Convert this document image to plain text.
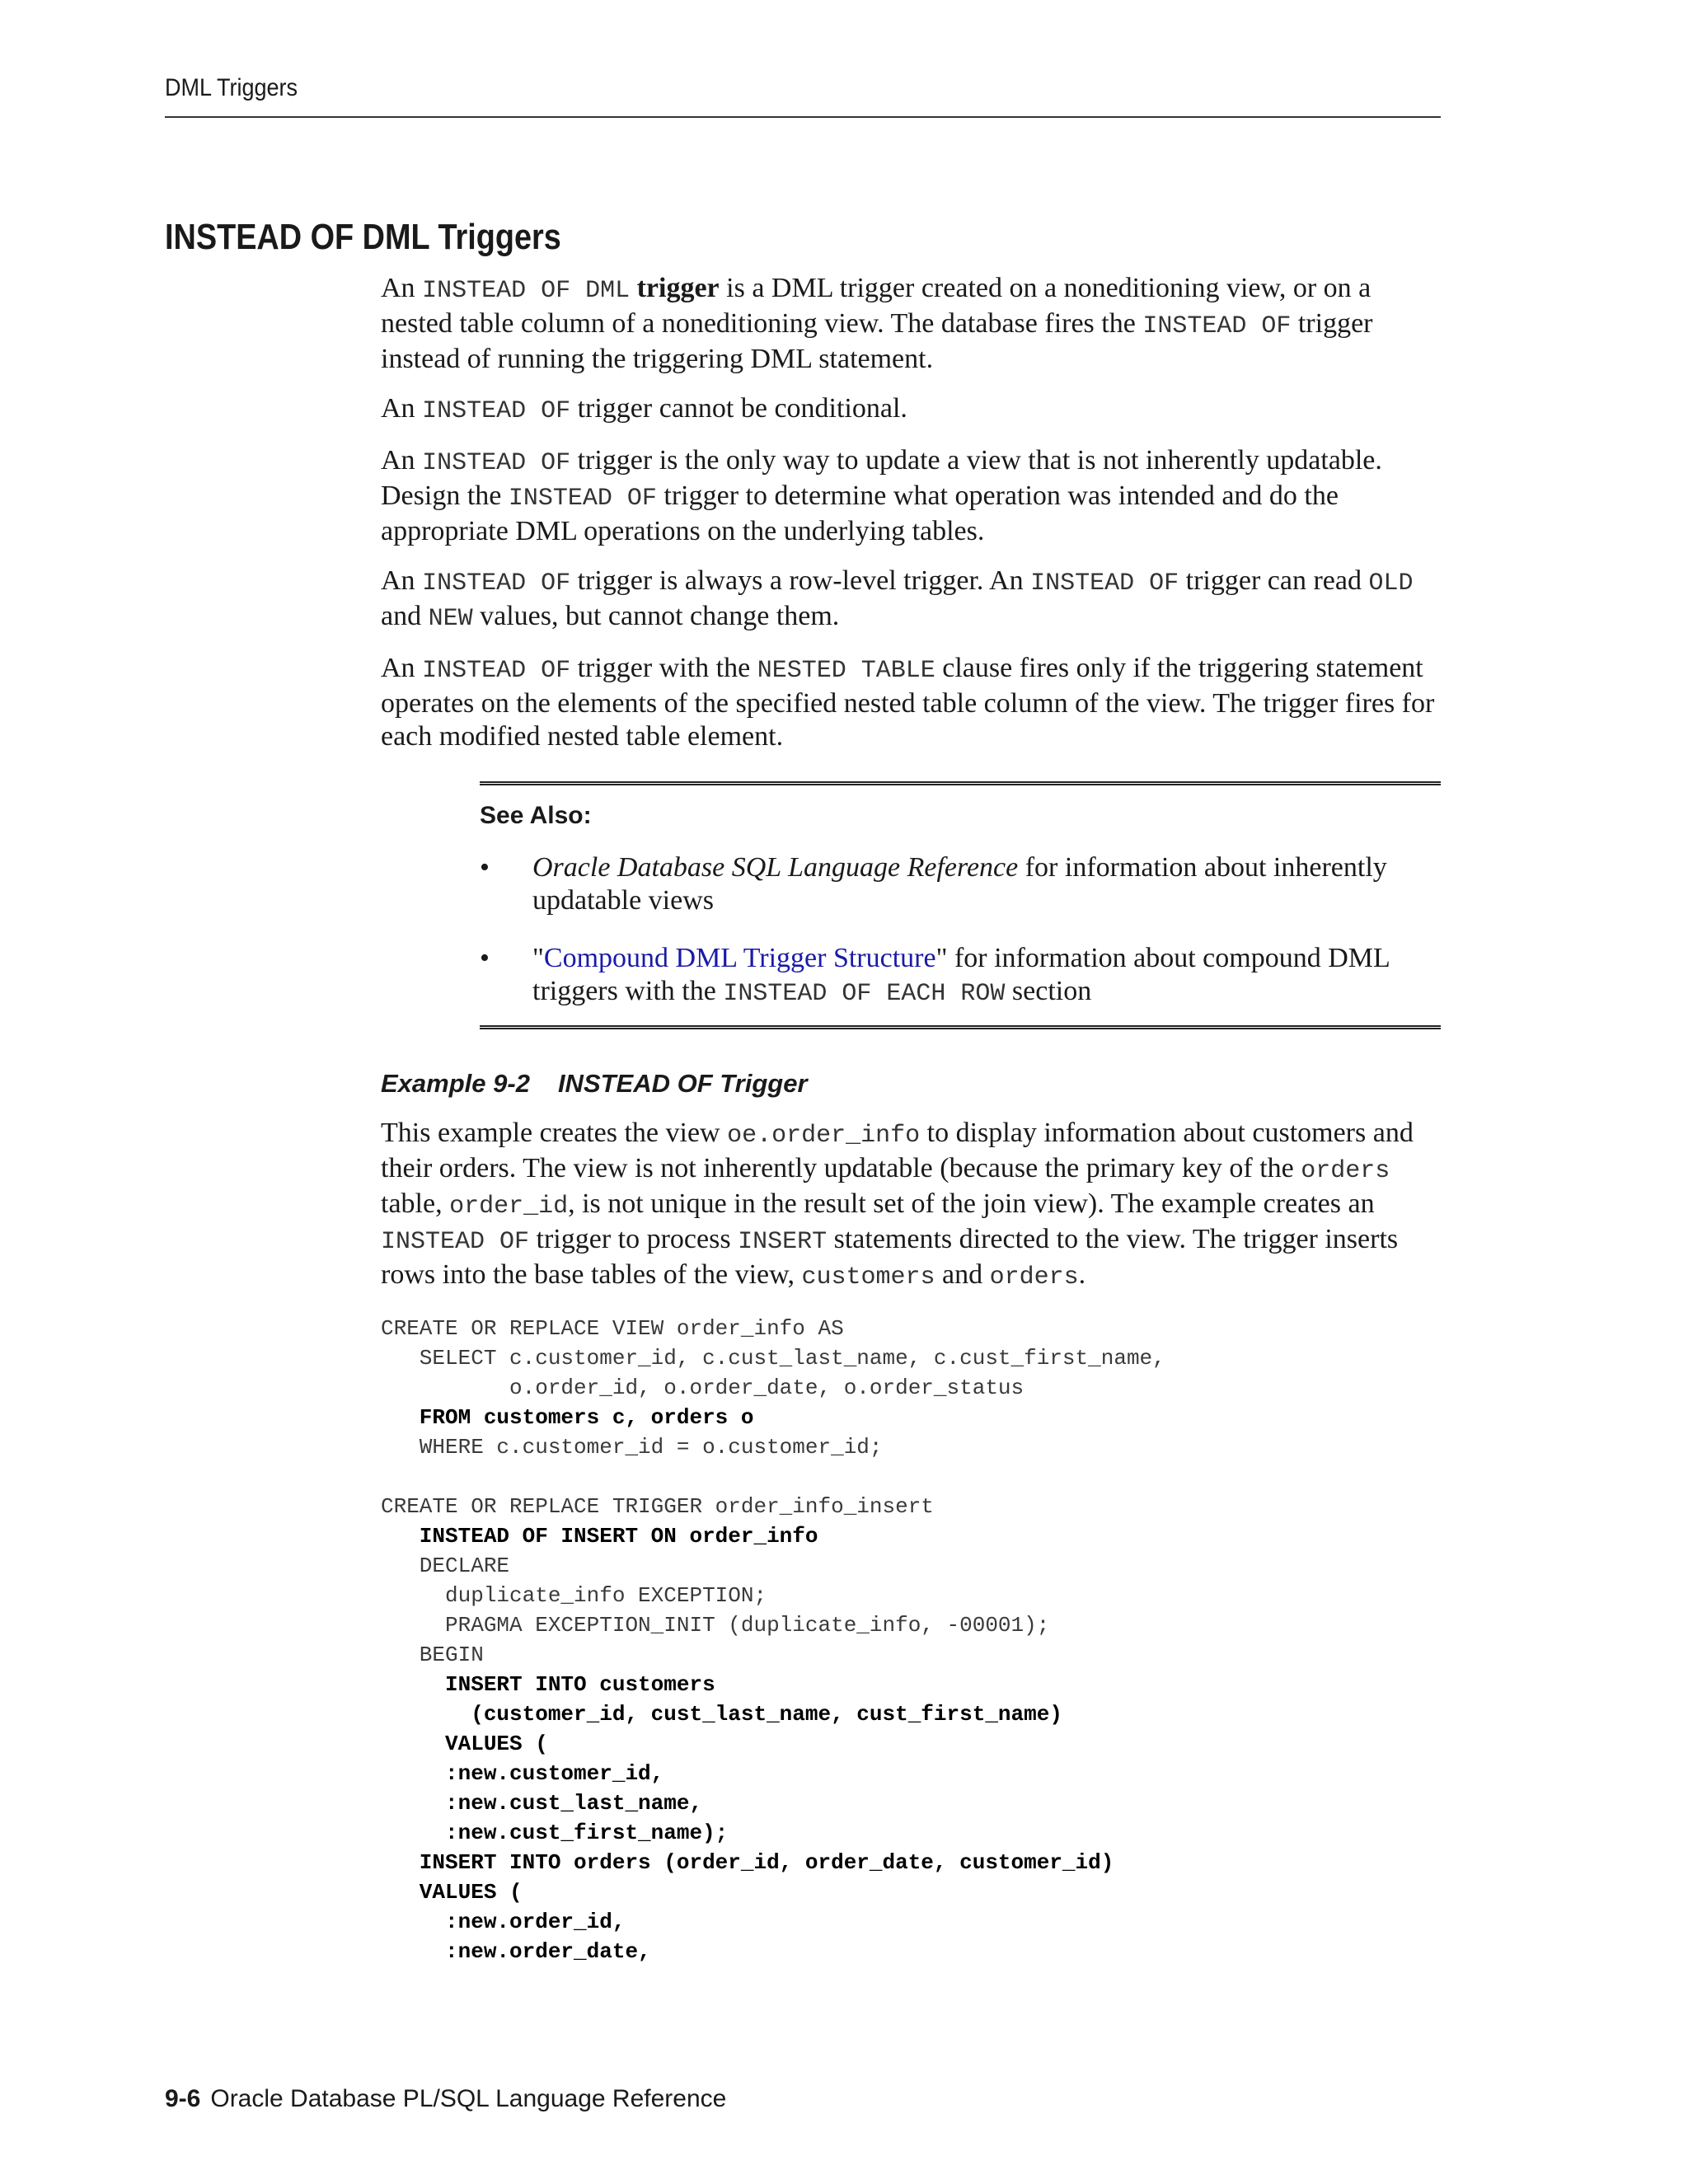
DML Triggers
INSTEAD OF DML Triggers

An INSTEAD OF DML trigger is a DML trigger created on a noneditioning view, or on a nested table column of a noneditioning view. The database fires the INSTEAD OF trigger instead of running the triggering DML statement.

An INSTEAD OF trigger cannot be conditional.

An INSTEAD OF trigger is the only way to update a view that is not inherently updatable. Design the INSTEAD OF trigger to determine what operation was intended and do the appropriate DML operations on the underlying tables.

An INSTEAD OF trigger is always a row-level trigger. An INSTEAD OF trigger can read OLD and NEW values, but cannot change them.

An INSTEAD OF trigger with the NESTED TABLE clause fires only if the triggering statement operates on the elements of the specified nested table column of the view. The trigger fires for each modified nested table element.

See Also:
• Oracle Database SQL Language Reference for information about inherently updatable views
• "Compound DML Trigger Structure" for information about compound DML triggers with the INSTEAD OF EACH ROW section
Example 9-2 INSTEAD OF Trigger

This example creates the view oe.order_info to display information about customers and their orders. The view is not inherently updatable (because the primary key of the orders table, order_id, is not unique in the result set of the join view). The example creates an INSTEAD OF trigger to process INSERT statements directed to the view. The trigger inserts rows into the base tables of the view, customers and orders.

CREATE OR REPLACE VIEW order_info AS
SELECT c.customer_id, c.cust_last_name, c.cust_first_name,
o.order_id, o.order_date, o.order_status
FROM customers c, orders o
WHERE c.customer_id = o.customer_id;
CREATE OR REPLACE TRIGGER order_info_insert
INSTEAD OF INSERT ON order_info
DECLARE
duplicate_info EXCEPTION;
PRAGMA EXCEPTION_INIT (duplicate_info, -00001);
BEGIN
INSERT INTO customers
(customer_id, cust_last_name, cust_first_name)
VALUES (
:new.customer_id,
:new.cust_last_name,
:new.cust_first_name);
INSERT INTO orders (order_id, order_date, customer_id)
VALUES (
:new.order_id,
:new.order_date,
9-6 Oracle Database PL/SQL Language Reference
